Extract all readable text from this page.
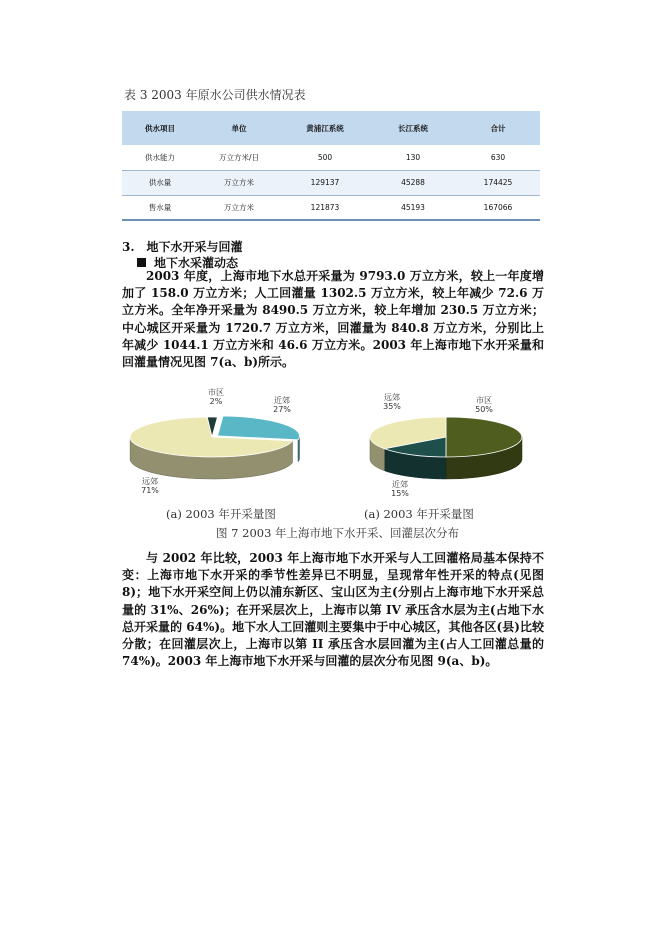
表 3 2003 年原水公司供水情况表
供水项目	单位	黄浦江系统	长江系统	合计
供水能力	万立方米/日	500	130	630
供水量	万立方米	129137	45288	174425
售水量	万立方米	121873	45193	167066
3.　地下水开采与回灌
地下水采灌动态

2003 年度，上海市地下水总开采量为 9793.0 万立方米，较上一年度增加了 158.0 万立方米；人工回灌量 1302.5 万立方米，较上年减少 72.6 万立方米。全年净开采量为 8490.5 万立方米，较上年增加 230.5 万立方米；中心城区开采量为 1720.7 万立方米，回灌量为 840.8 万立方米，分别比上年减少 1044.1 万立方米和 46.6 万立方米。2003 年上海市地下水开采量和回灌量情况见图 7(a、b)所示。

市区 2%	近郊 27%
远郊 71%
市区 50%
近郊 15%
远郊 35%
(a) 2003 年开采量图	(a) 2003 年开采量图
图 7 2003 年上海市地下水开采、回灌层次分布

与 2002 年比较，2003 年上海市地下水开采与人工回灌格局基本保持不变：上海市地下水开采的季节性差异已不明显，呈现常年性开采的特点(见图 8)；地下水开采空间上仍以浦东新区、宝山区为主(分别占上海市地下水开采总量的 31%、26%)；在开采层次上，上海市以第 IV 承压含水层为主(占地下水总开采量的 64%)。地下水人工回灌则主要集中于中心城区，其他各区(县)比较分散；在回灌层次上，上海市以第 II 承压含水层回灌为主(占人工回灌总量的 74%)。2003 年上海市地下水开采与回灌的层次分布见图 9(a、b)。
